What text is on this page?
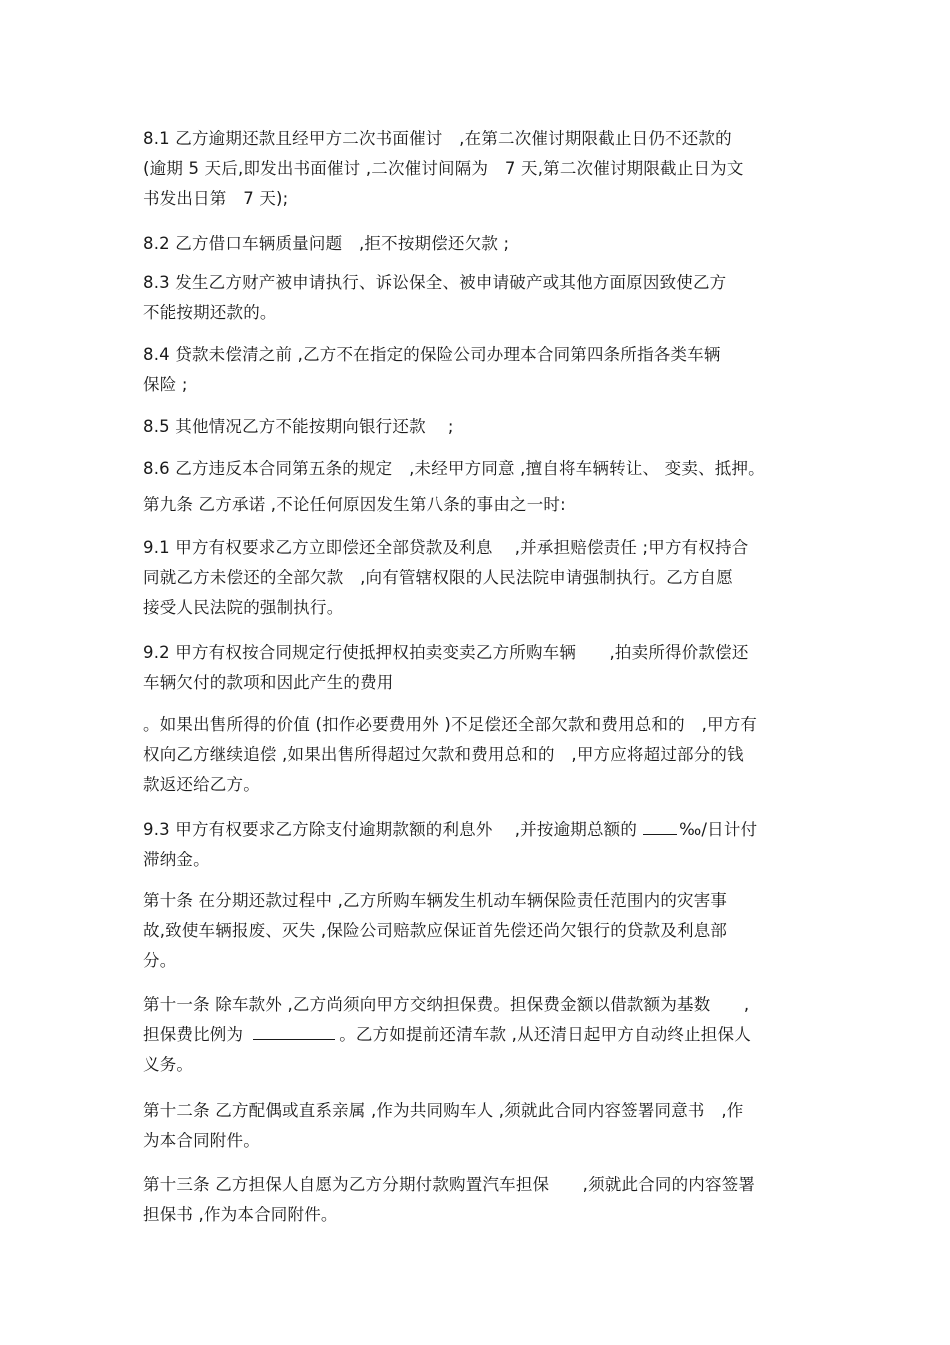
8.1 乙方逾期还款且经甲方二次书面催讨　,在第二次催讨期限截止日仍不还款的
(逾期 5 天后,即发出书面催讨 ,二次催讨间隔为　7 天,第二次催讨期限截止日为文
书发出日第　7 天);
8.2 乙方借口车辆质量问题　,拒不按期偿还欠款 ;
8.3 发生乙方财产被申请执行、诉讼保全、被申请破产或其他方面原因致使乙方
不能按期还款的。
8.4 贷款未偿清之前 ,乙方不在指定的保险公司办理本合同第四条所指各类车辆
保险 ;
8.5 其他情况乙方不能按期向银行还款　 ;
8.6 乙方违反本合同第五条的规定　,未经甲方同意 ,擅自将车辆转让、 变卖、抵押。
第九条 乙方承诺 ,不论任何原因发生第八条的事由之一时:
9.1 甲方有权要求乙方立即偿还全部贷款及利息　 ,并承担赔偿责任 ;甲方有权持合
同就乙方未偿还的全部欠款　,向有管辖权限的人民法院申请强制执行。乙方自愿
接受人民法院的强制执行。
9.2 甲方有权按合同规定行使抵押权拍卖变卖乙方所购车辆　　,拍卖所得价款偿还
车辆欠付的款项和因此产生的费用
。如果出售所得的价值 (扣作必要费用外 )不足偿还全部欠款和费用总和的　,甲方有
权向乙方继续追偿 ,如果出售所得超过欠款和费用总和的　,甲方应将超过部分的钱
款返还给乙方。
9.3 甲方有权要求乙方除支付逾期款额的利息外　 ,并按逾期总额的	‰/日计付
滞纳金。
第十条 在分期还款过程中 ,乙方所购车辆发生机动车辆保险责任范围内的灾害事
故,致使车辆报废、灭失 ,保险公司赔款应保证首先偿还尚欠银行的贷款及利息部
分。
第十一条 除车款外 ,乙方尚须向甲方交纳担保费。担保费金额以借款额为基数　　,
担保费比例为	。乙方如提前还清车款 ,从还清日起甲方自动终止担保人
义务。
第十二条 乙方配偶或直系亲属 ,作为共同购车人 ,须就此合同内容签署同意书　,作
为本合同附件。
第十三条 乙方担保人自愿为乙方分期付款购置汽车担保　　,须就此合同的内容签署
担保书 ,作为本合同附件。
